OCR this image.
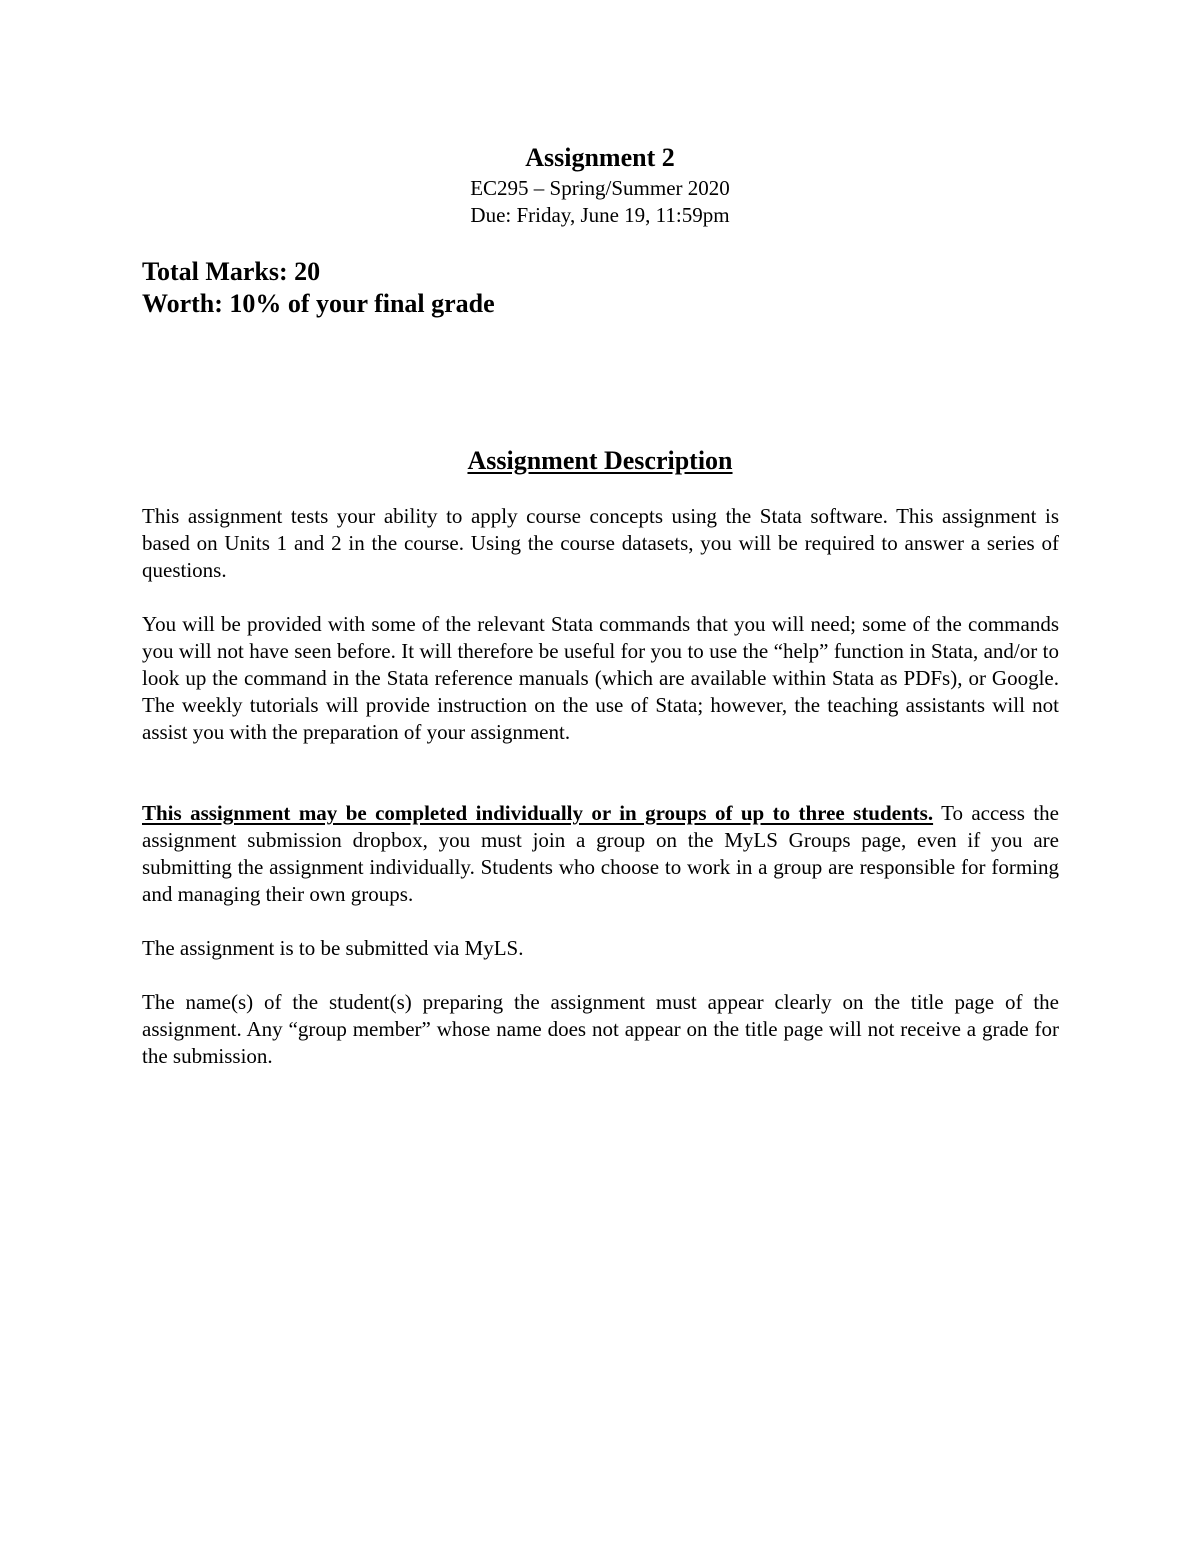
Assignment 2
EC295 – Spring/Summer 2020
Due: Friday, June 19, 11:59pm
Total Marks: 20
Worth: 10% of your final grade
Assignment Description

This assignment tests your ability to apply course concepts using the Stata software. This assignment is based on Units 1 and 2 in the course. Using the course datasets, you will be required to answer a series of questions.

You will be provided with some of the relevant Stata commands that you will need; some of the commands you will not have seen before. It will therefore be useful for you to use the “help” function in Stata, and/or to look up the command in the Stata reference manuals (which are available within Stata as PDFs), or Google. The weekly tutorials will provide instruction on the use of Stata; however, the teaching assistants will not assist you with the preparation of your assignment.

This assignment may be completed individually or in groups of up to three students. To access the assignment submission dropbox, you must join a group on the MyLS Groups page, even if you are submitting the assignment individually. Students who choose to work in a group are responsible for forming and managing their own groups.

The assignment is to be submitted via MyLS.

The name(s) of the student(s) preparing the assignment must appear clearly on the title page of the assignment. Any “group member” whose name does not appear on the title page will not receive a grade for the submission.
